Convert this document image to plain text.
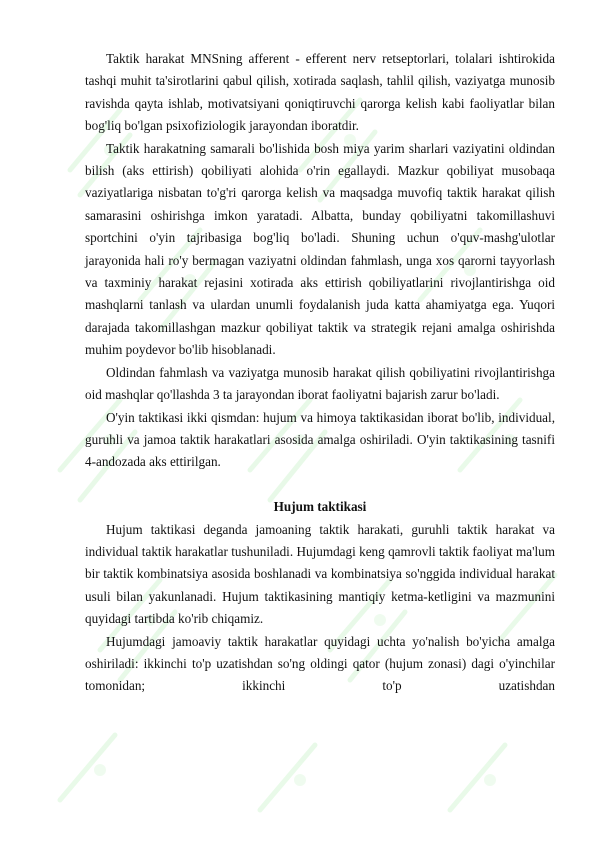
Taktik harakat MNSning afferent - efferent nerv retseptorlari, tolalari ishtirokida tashqi muhit ta'sirotlarini qabul qilish, xotirada saqlash, tahlil qilish, vaziyatga munosib ravishda qayta ishlab, motivatsiyani qoniqtiruvchi qarorga kelish kabi faoliyatlar bilan bog'liq bo'lgan psixofiziologik jarayondan iboratdir.

Taktik harakatning samarali bo'lishida bosh miya yarim sharlari vaziyatini oldindan bilish (aks ettirish) qobiliyati alohida o'rin egallaydi. Mazkur qobiliyat musobaqa vaziyatlariga nisbatan to'g'ri qarorga kelish va maqsadga muvofiq taktik harakat qilish samarasini oshirishga imkon yaratadi. Albatta, bunday qobiliyatni takomillashuvi sportchini o'yin tajribasiga bog'liq bo'ladi. Shuning uchun o'quv-mashg'ulotlar jarayonida hali ro'y bermagan vaziyatni oldindan fahmlash, unga xos qarorni tayyorlash va taxminiy harakat rejasini xotirada aks ettirish qobiliyatlarini rivojlantirishga oid mashqlarni tanlash va ulardan unumli foydalanish juda katta ahamiyatga ega. Yuqori darajada takomillashgan mazkur qobiliyat taktik va strategik rejani amalga oshirishda muhim poydevor bo'lib hisoblanadi.

Oldindan fahmlash va vaziyatga munosib harakat qilish qobiliyatini rivojlantirishga oid mashqlar qo'llashda 3 ta jarayondan iborat faoliyatni bajarish zarur bo'ladi.

O'yin taktikasi ikki qismdan: hujum va himoya taktikasidan iborat bo'lib, individual, guruhli va jamoa taktik harakatlari asosida amalga oshiriladi. O'yin taktikasining tasnifi 4-andozada aks ettirilgan.

Hujum taktikasi

Hujum taktikasi deganda jamoaning taktik harakati, guruhli taktik harakat va individual taktik harakatlar tushuniladi. Hujumdagi keng qamrovli taktik faoliyat ma'lum bir taktik kombinatsiya asosida boshlanadi va kombinatsiya so'nggida individual harakat usuli bilan yakunlanadi. Hujum taktikasining mantiqiy ketma-ketligini va mazmunini quyidagi tartibda ko'rib chiqamiz.

Hujumdagi jamoaviy taktik harakatlar quyidagi uchta yo'nalish bo'yicha amalga oshiriladi: ikkinchi to'p uzatishdan so'ng oldingi qator (hujum zonasi) dagi o'yinchilar tomonidan; ikkinchi to'p uzatishdan
